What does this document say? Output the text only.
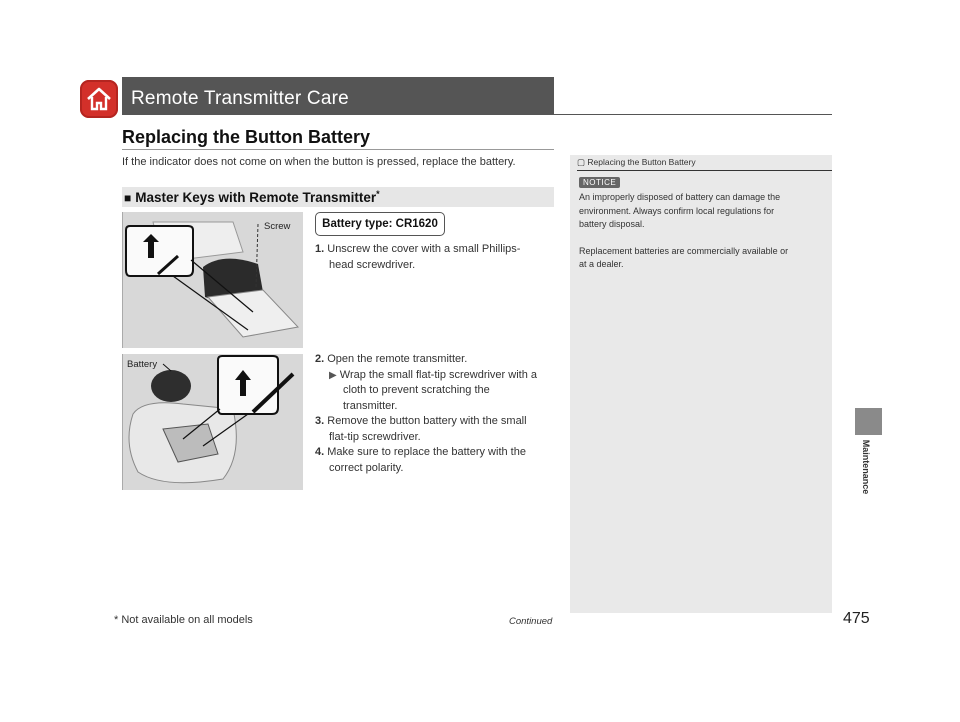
Remote Transmitter Care
Replacing the Button Battery
If the indicator does not come on when the button is pressed, replace the battery.
■ Master Keys with Remote Transmitter*
Screw
Battery
Battery type: CR1620
1. Unscrew the cover with a small Phillips-
head screwdriver.
2. Open the remote transmitter.
▶ Wrap the small flat-tip screwdriver with a
cloth to prevent scratching the
transmitter.
3. Remove the button battery with the small
flat-tip screwdriver.
4. Make sure to replace the battery with the
correct polarity.
▢ Replacing the Button Battery
NOTICE
An improperly disposed of battery can damage the
environment. Always confirm local regulations for
battery disposal.
Replacement batteries are commercially available or
at a dealer.
Maintenance
* Not available on all models	Continued	475
